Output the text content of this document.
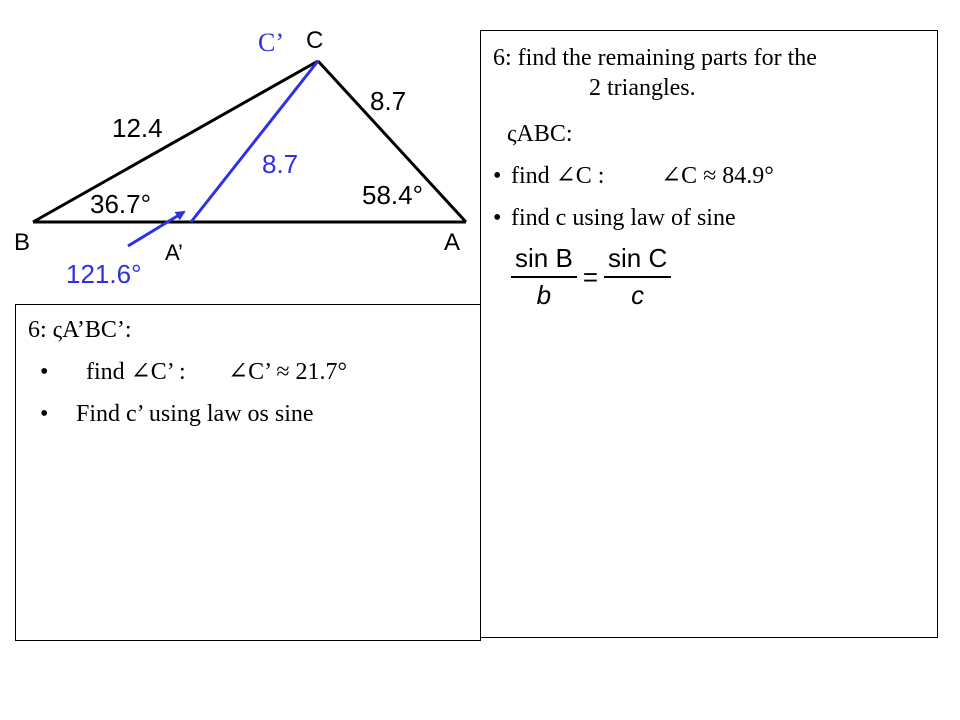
C’ C
B	A
A’
12.4
8.7
8.7
36.7°	58.4°
121.6°
6: find the remaining parts for the
2 triangles.
ςABC:
• find ∠C : ∠C ≈ 84.9°
• find c using law of sine
$\frac{\text{sin B}}{b} = \frac{\text{sin C}}{c}$
6: ςA’BC’:
• find ∠C’ : ∠C’ ≈ 21.7°
• Find c’ using law os sine
